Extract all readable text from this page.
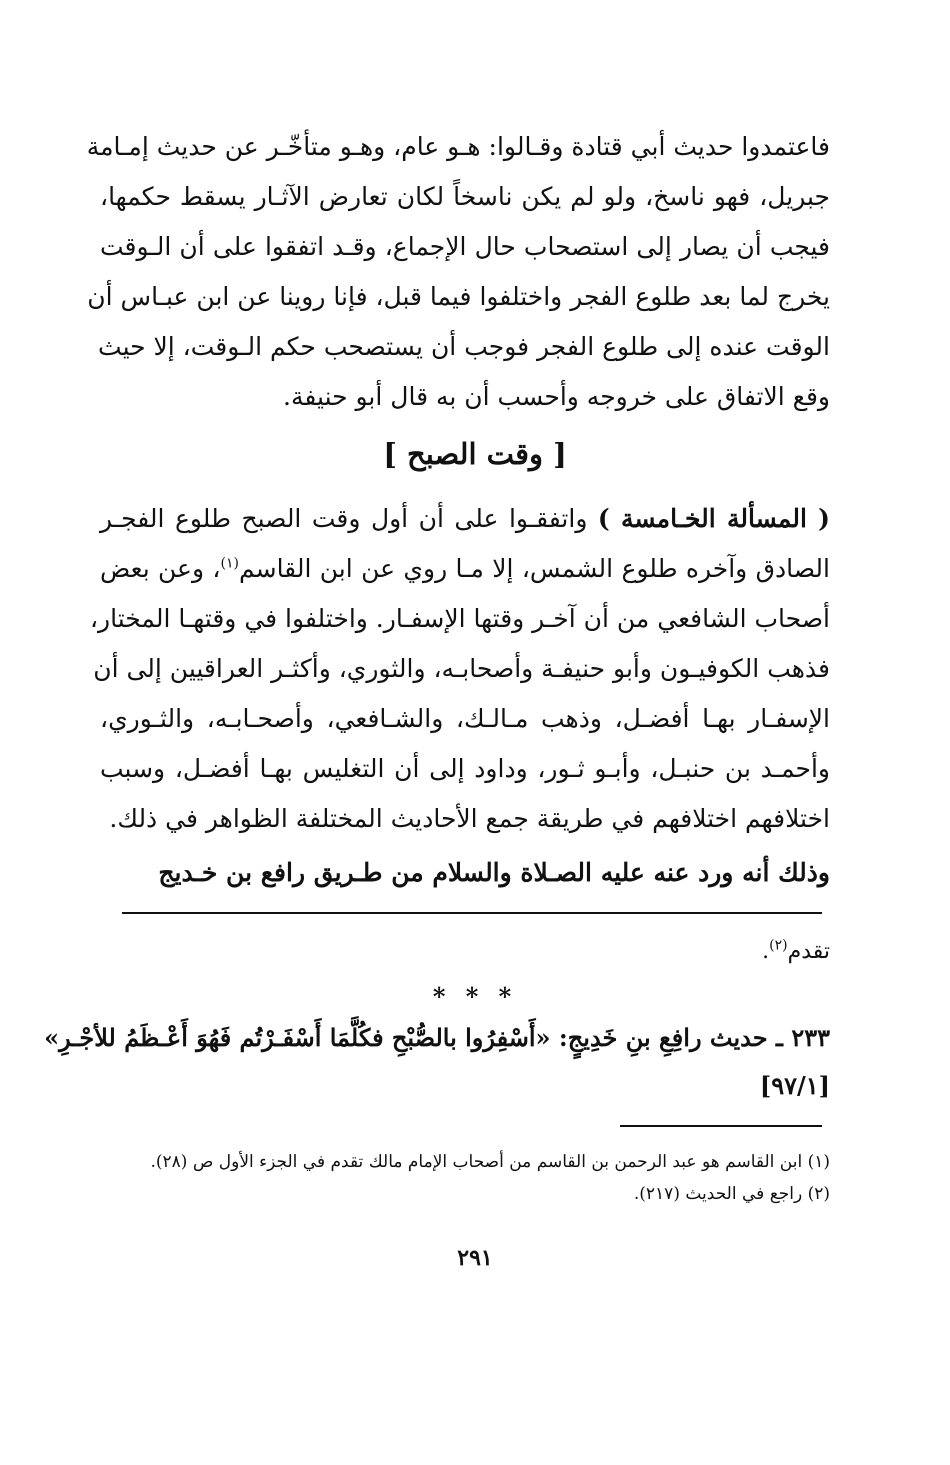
فاعتمدوا حديث أبي قتادة وقـالوا: هـو عام، وهـو متأخّـر عن حديث إمـامة
جبريل، فهو ناسخ، ولو لم يكن ناسخاً لكان تعارض الآثـار يسقط حكمها،
فيجب أن يصار إلى استصحاب حال الإجماع، وقـد اتفقوا على أن الـوقت
يخرج لما بعد طلوع الفجر واختلفوا فيما قبل، فإنا روينا عن ابن عبـاس أن
الوقت عنده إلى طلوع الفجر فوجب أن يستصحب حكم الـوقت، إلا حيث
وقع الاتفاق على خروجه وأحسب أن به قال أبو حنيفة.
[ وقت الصبح ]
( المسألة الخـامسة ) واتفقـوا على أن أول وقت الصبح طلوع الفجـر
الصادق وآخره طلوع الشمس، إلا مـا روي عن ابن القاسم$^{(١)}$، وعن بعض
أصحاب الشافعي من أن آخـر وقتها الإسفـار. واختلفوا في وقتهـا المختار،
فذهب الكوفيـون وأبو حنيفـة وأصحابـه، والثوري، وأكثـر العراقيين إلى أن
الإسفـار بهـا أفضـل، وذهب مـالـك، والشـافعي، وأصحـابـه، والثـوري،
وأحمـد بن حنبـل، وأبـو ثـور، وداود إلى أن التغليس بهـا أفضـل، وسبب
اختلافهم اختلافهم في طريقة جمع الأحاديث المختلفة الظواهر في ذلك.
وذلك أنه ورد عنه عليه الصـلاة والسلام من طـريق رافع بن خـديج
تقدم$^{(٢)}$.
* * *
٢٣٣ ـ حديث رافِعِ بنِ خَدِيجٍ: «أَسْفِرُوا بالصُّبْحِ فكُلَّمَا أَسْفَـرْتُم فَهُوَ أَعْـظَمُ للأجْـرِ»
[٩٧/١]
(١) ابن القاسم هو عبد الرحمن بن القاسم من أصحاب الإمام مالك تقدم في الجزء الأول ص (٢٨).
(٢) راجع في الحديث (٢١٧).
٢٩١
